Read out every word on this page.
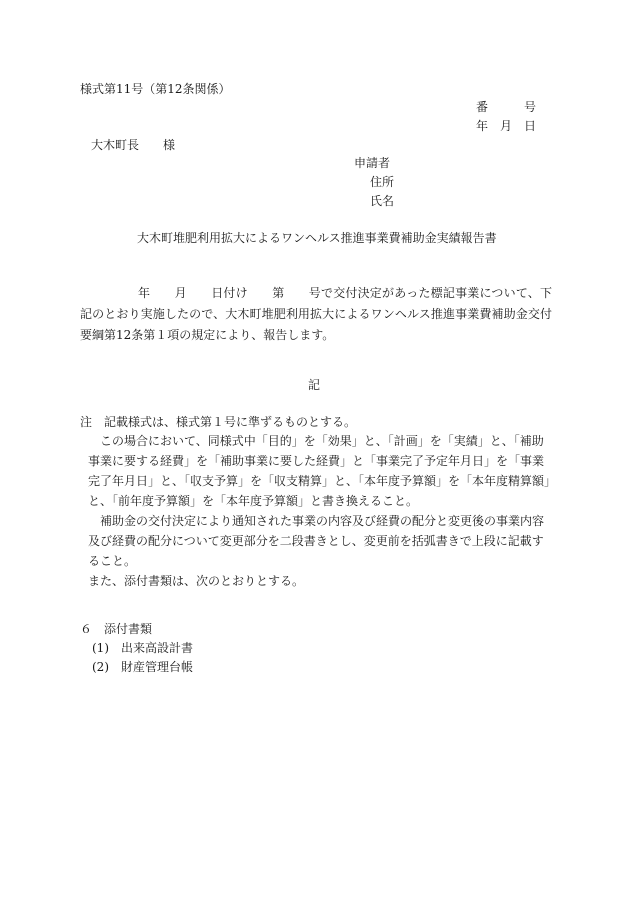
様式第11号（第12条関係）
番　　　号
年　月　日
大木町長　　様
申請者
住所
氏名
大木町堆肥利用拡大によるワンヘルス推進事業費補助金実績報告書
年　　月　　日付け　　第　　号で交付決定があった標記事業について、下記のとおり実施したので、大木町堆肥利用拡大によるワンヘルス推進事業費補助金交付要綱第12条第１項の規定により、報告します。
記
注 記載様式は、様式第１号に準ずるものとする。

この場合において、同様式中「目的」を「効果」と、「計画」を「実績」と、「補助事業に要する経費」を「補助事業に要した経費」と「事業完了予定年月日」を「事業完了年月日」と、「収支予算」を「収支精算」と、「本年度予算額」を「本年度精算額」と、「前年度予算額」を「本年度予算額」と書き換えること。

補助金の交付決定により通知された事業の内容及び経費の配分と変更後の事業内容及び経費の配分について変更部分を二段書きとし、変更前を括弧書きで上段に記載すること。

また、添付書類は、次のとおりとする。

６　添付書類
(1)　出来高設計書
(2)　財産管理台帳
